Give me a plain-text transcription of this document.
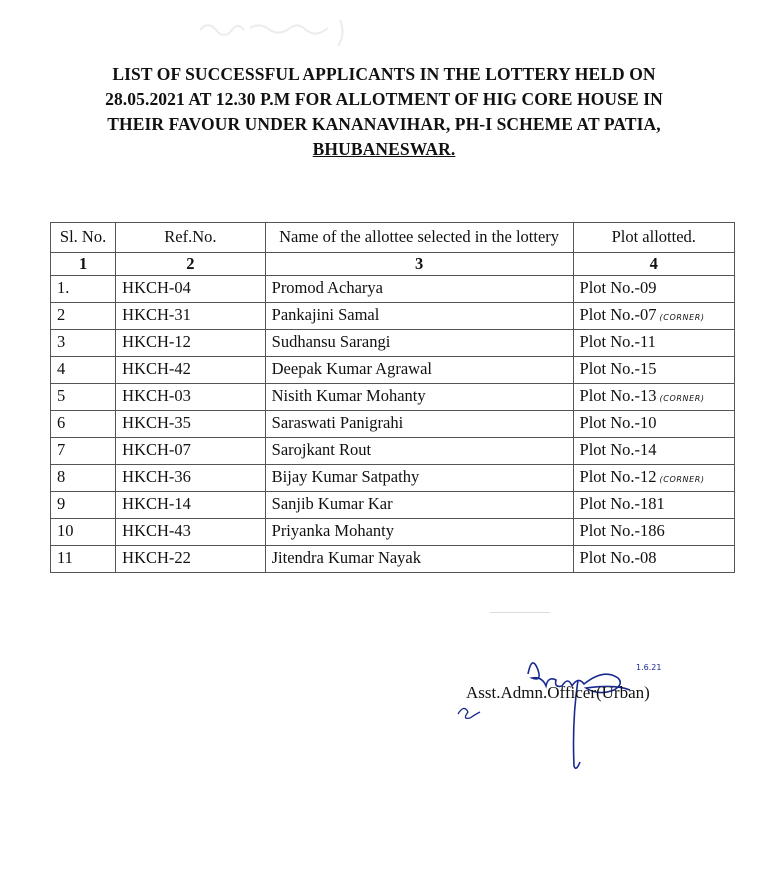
LIST OF SUCCESSFUL APPLICANTS IN THE LOTTERY HELD ON
28.05.2021 AT 12.30 P.M FOR ALLOTMENT OF HIG CORE HOUSE IN
THEIR FAVOUR UNDER KANANAVIHAR, PH-I SCHEME AT PATIA,
BHUBANESWAR.
Sl. No.	Ref.No.	Name of the allottee selected in the lottery	Plot allotted.
1	2	3	4
1.	HKCH-04	Promod Acharya	Plot No.-09
2	HKCH-31	Pankajini Samal	Plot No.-07 (CORNER)
3	HKCH-12	Sudhansu Sarangi	Plot No.-11
4	HKCH-42	Deepak Kumar Agrawal	Plot No.-15
5	HKCH-03	Nisith Kumar Mohanty	Plot No.-13 (CORNER)
6	HKCH-35	Saraswati Panigrahi	Plot No.-10
7	HKCH-07	Sarojkant Rout	Plot No.-14
8	HKCH-36	Bijay Kumar Satpathy	Plot No.-12 (CORNER)
9	HKCH-14	Sanjib Kumar Kar	Plot No.-181
10	HKCH-43	Priyanka Mohanty	Plot No.-186
11	HKCH-22	Jitendra Kumar Nayak	Plot No.-08
1.6.21
Asst.Admn.Officer(Urban)
